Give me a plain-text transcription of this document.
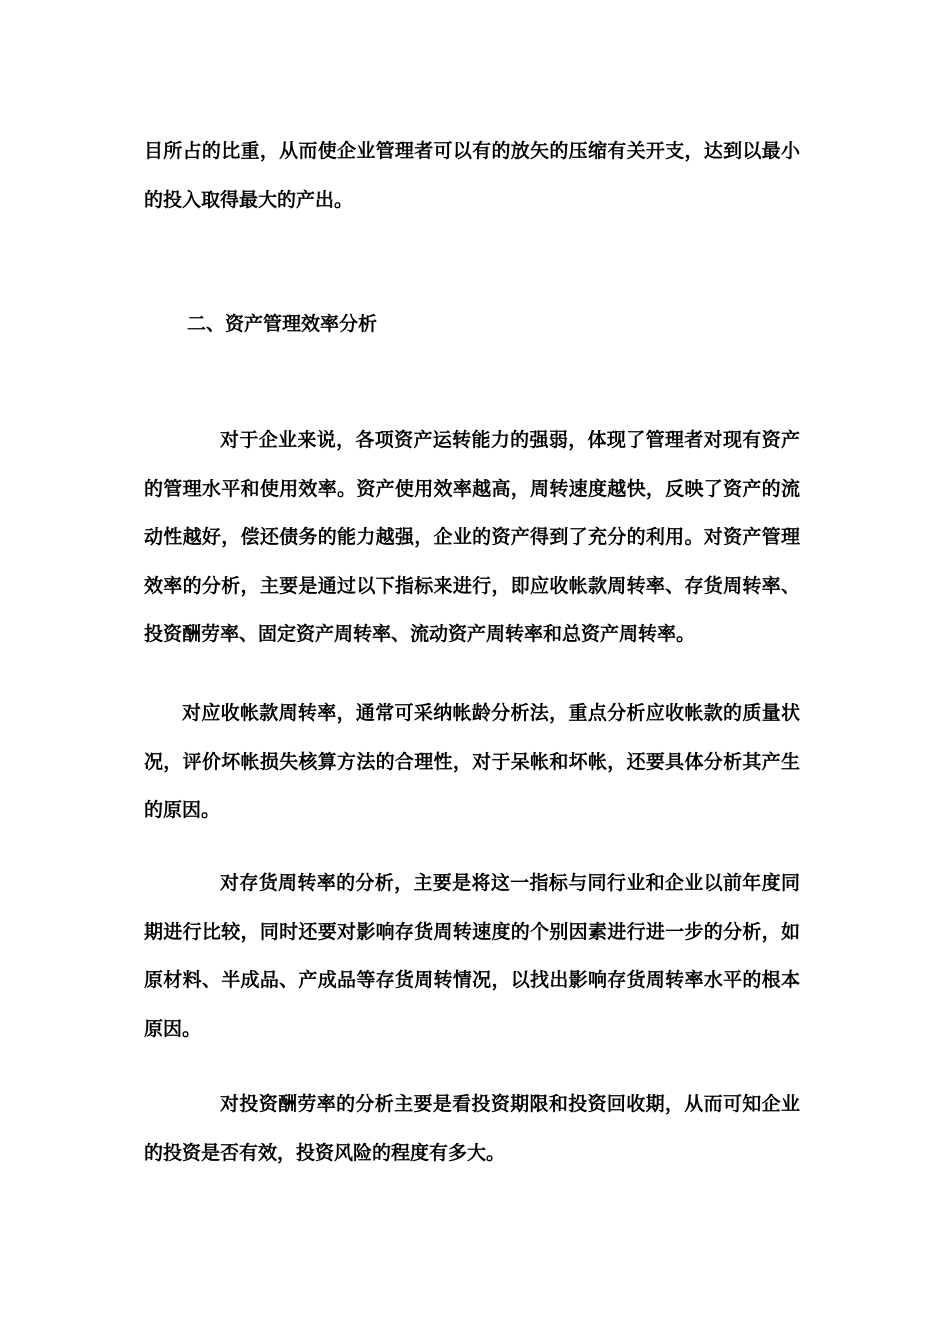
目所占的比重，从而使企业管理者可以有的放矢的压缩有关开支，达到以最小的投入取得最大的产出。

二、资产管理效率分析

对于企业来说，各项资产运转能力的强弱，体现了管理者对现有资产的管理水平和使用效率。资产使用效率越高，周转速度越快，反映了资产的流动性越好，偿还债务的能力越强，企业的资产得到了充分的利用。对资产管理效率的分析，主要是通过以下指标来进行，即应收帐款周转率、存货周转率、投资酬劳率、固定资产周转率、流动资产周转率和总资产周转率。

对应收帐款周转率，通常可采纳帐龄分析法，重点分析应收帐款的质量状况，评价坏帐损失核算方法的合理性，对于呆帐和坏帐，还要具体分析其产生的原因。

对存货周转率的分析，主要是将这一指标与同行业和企业以前年度同期进行比较，同时还要对影响存货周转速度的个别因素进行进一步的分析，如原材料、半成品、产成品等存货周转情况，以找出影响存货周转率水平的根本原因。

对投资酬劳率的分析主要是看投资期限和投资回收期，从而可知企业的投资是否有效，投资风险的程度有多大。
